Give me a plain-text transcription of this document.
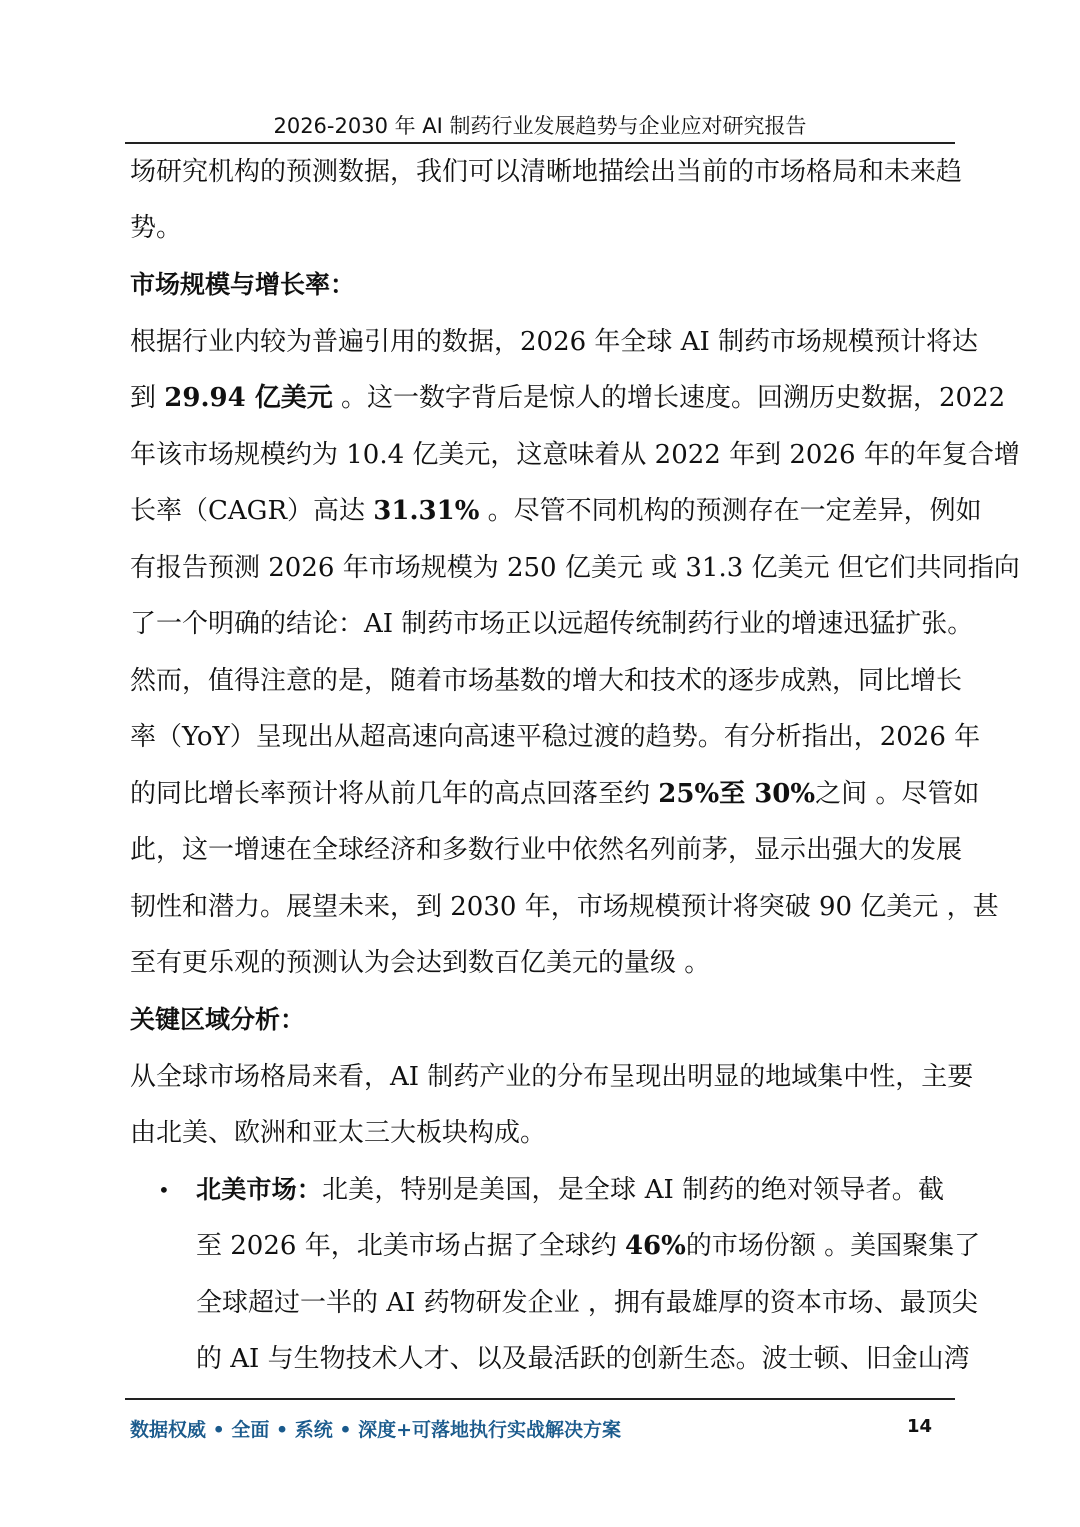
2026-2030 年 AI 制药行业发展趋势与企业应对研究报告
场研究机构的预测数据，我们可以清晰地描绘出当前的市场格局和未来趋
势。
市场规模与增长率：
根据行业内较为普遍引用的数据，2026 年全球 AI 制药市场规模预计将达
到 29.94 亿美元 。这一数字背后是惊人的增长速度。回溯历史数据，2022
年该市场规模约为 10.4 亿美元，这意味着从 2022 年到 2026 年的年复合增
长率（CAGR）高达 31.31% 。尽管不同机构的预测存在一定差异，例如
有报告预测 2026 年市场规模为 250 亿美元 或 31.3 亿美元 但它们共同指向
了一个明确的结论：AI 制药市场正以远超传统制药行业的增速迅猛扩张。
然而，值得注意的是，随着市场基数的增大和技术的逐步成熟，同比增长
率（YoY）呈现出从超高速向高速平稳过渡的趋势。有分析指出，2026 年
的同比增长率预计将从前几年的高点回落至约 25%至 30%之间 。尽管如
此，这一增速在全球经济和多数行业中依然名列前茅，显示出强大的发展
韧性和潜力。展望未来，到 2030 年，市场规模预计将突破 90 亿美元 ，甚
至有更乐观的预测认为会达到数百亿美元的量级 。
关键区域分析：
从全球市场格局来看，AI 制药产业的分布呈现出明显的地域集中性，主要
由北美、欧洲和亚太三大板块构成。
• 北美市场：北美，特别是美国，是全球 AI 制药的绝对领导者。截
至 2026 年，北美市场占据了全球约 46%的市场份额 。美国聚集了
全球超过一半的 AI 药物研发企业 ，拥有最雄厚的资本市场、最顶尖
的 AI 与生物技术人才、以及最活跃的创新生态。波士顿、旧金山湾
数据权威 • 全面 • 系统 • 深度+可落地执行实战解决方案	14
